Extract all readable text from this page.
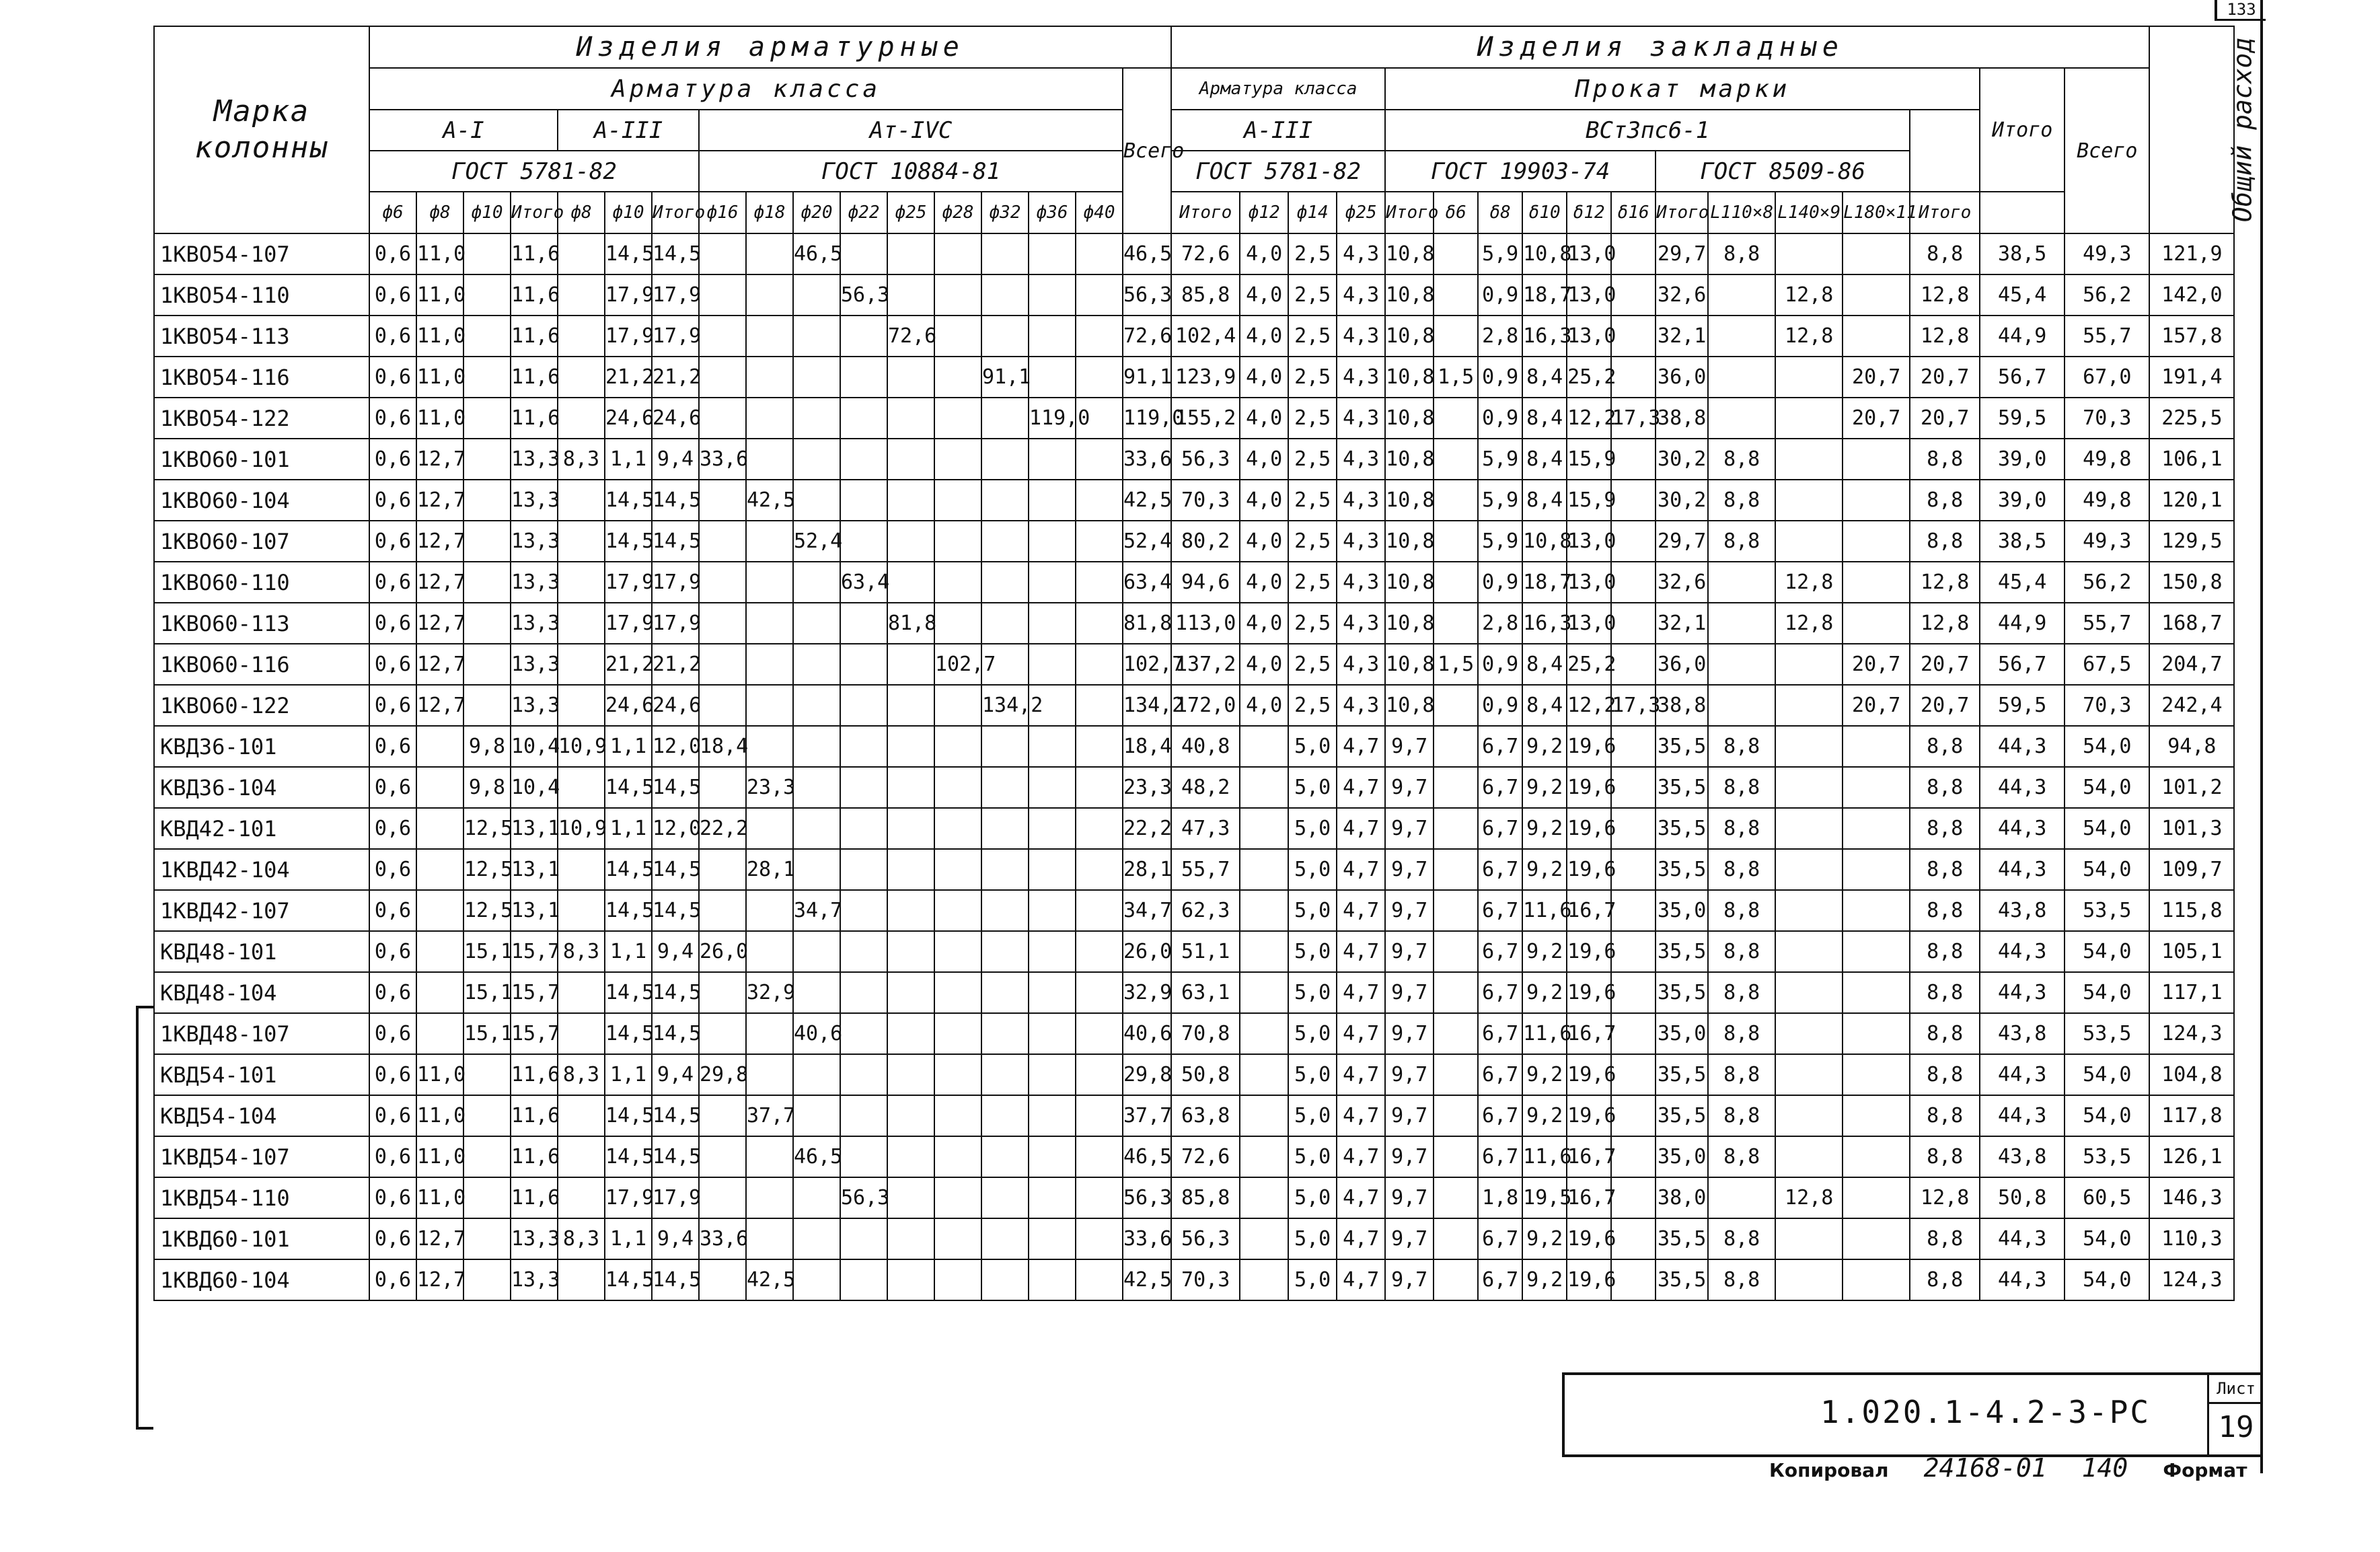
133
Марка колонны	Изделия арматурные																	Изделия закладные																	Общий расход
	Арматура класса																Всего	Арматура класса				Прокат марки											Итого	Всего	
	А-I				А-III			Ат-IVС										А-III				ВСт3пс6-1													
	ГОСТ 5781-82							ГОСТ 10884-81										ГОСТ 5781-82				ГОСТ 19903-74						ГОСТ 8509-86							
	ф6	ф8	ф10	Итого	ф8	ф10	Итого	ф16	ф18	ф20	ф22	ф25	ф28	ф32	ф36	ф40		Итого	ф12	ф14	ф25	Итого	δ6	δ8	δ10	δ12	δ16	Итого	L110×8	L140×9	L180×11	Итого			
1КВО54-107	0,6	11,0		11,6		14,5	14,5			46,5							46,5	72,6	4,0	2,5	4,3	10,8		5,9	10,8	13,0		29,7	8,8			8,8	38,5	49,3	121,9
1КВО54-110	0,6	11,0		11,6		17,9	17,9				56,3						56,3	85,8	4,0	2,5	4,3	10,8		0,9	18,7	13,0		32,6		12,8		12,8	45,4	56,2	142,0
1КВО54-113	0,6	11,0		11,6		17,9	17,9					72,6					72,6	102,4	4,0	2,5	4,3	10,8		2,8	16,3	13,0		32,1		12,8		12,8	44,9	55,7	157,8
1КВО54-116	0,6	11,0		11,6		21,2	21,2							91,1			91,1	123,9	4,0	2,5	4,3	10,8	1,5	0,9	8,4	25,2		36,0			20,7	20,7	56,7	67,0	191,4
1КВО54-122	0,6	11,0		11,6		24,6	24,6								119,0		119,0	155,2	4,0	2,5	4,3	10,8		0,9	8,4	12,2	17,3	38,8			20,7	20,7	59,5	70,3	225,5
1КВО60-101	0,6	12,7		13,3	8,3	1,1	9,4	33,6									33,6	56,3	4,0	2,5	4,3	10,8		5,9	8,4	15,9		30,2	8,8			8,8	39,0	49,8	106,1
1КВО60-104	0,6	12,7		13,3		14,5	14,5		42,5								42,5	70,3	4,0	2,5	4,3	10,8		5,9	8,4	15,9		30,2	8,8			8,8	39,0	49,8	120,1
1КВО60-107	0,6	12,7		13,3		14,5	14,5			52,4							52,4	80,2	4,0	2,5	4,3	10,8		5,9	10,8	13,0		29,7	8,8			8,8	38,5	49,3	129,5
1КВО60-110	0,6	12,7		13,3		17,9	17,9				63,4						63,4	94,6	4,0	2,5	4,3	10,8		0,9	18,7	13,0		32,6		12,8		12,8	45,4	56,2	150,8
1КВО60-113	0,6	12,7		13,3		17,9	17,9					81,8					81,8	113,0	4,0	2,5	4,3	10,8		2,8	16,3	13,0		32,1		12,8		12,8	44,9	55,7	168,7
1КВО60-116	0,6	12,7		13,3		21,2	21,2						102,7				102,7	137,2	4,0	2,5	4,3	10,8	1,5	0,9	8,4	25,2		36,0			20,7	20,7	56,7	67,5	204,7
1КВО60-122	0,6	12,7		13,3		24,6	24,6							134,2			134,2	172,0	4,0	2,5	4,3	10,8		0,9	8,4	12,2	17,3	38,8			20,7	20,7	59,5	70,3	242,4
КВД36-101	0,6		9,8	10,4	10,9	1,1	12,0	18,4									18,4	40,8		5,0	4,7	9,7		6,7	9,2	19,6		35,5	8,8			8,8	44,3	54,0	94,8
КВД36-104	0,6		9,8	10,4		14,5	14,5		23,3								23,3	48,2		5,0	4,7	9,7		6,7	9,2	19,6		35,5	8,8			8,8	44,3	54,0	101,2
КВД42-101	0,6		12,5	13,1	10,9	1,1	12,0	22,2									22,2	47,3		5,0	4,7	9,7		6,7	9,2	19,6		35,5	8,8			8,8	44,3	54,0	101,3
1КВД42-104	0,6		12,5	13,1		14,5	14,5		28,1								28,1	55,7		5,0	4,7	9,7		6,7	9,2	19,6		35,5	8,8			8,8	44,3	54,0	109,7
1КВД42-107	0,6		12,5	13,1		14,5	14,5			34,7							34,7	62,3		5,0	4,7	9,7		6,7	11,6	16,7		35,0	8,8			8,8	43,8	53,5	115,8
КВД48-101	0,6		15,1	15,7	8,3	1,1	9,4	26,0									26,0	51,1		5,0	4,7	9,7		6,7	9,2	19,6		35,5	8,8			8,8	44,3	54,0	105,1
КВД48-104	0,6		15,1	15,7		14,5	14,5		32,9								32,9	63,1		5,0	4,7	9,7		6,7	9,2	19,6		35,5	8,8			8,8	44,3	54,0	117,1
1КВД48-107	0,6		15,1	15,7		14,5	14,5			40,6							40,6	70,8		5,0	4,7	9,7		6,7	11,6	16,7		35,0	8,8			8,8	43,8	53,5	124,3
КВД54-101	0,6	11,0		11,6	8,3	1,1	9,4	29,8									29,8	50,8		5,0	4,7	9,7		6,7	9,2	19,6		35,5	8,8			8,8	44,3	54,0	104,8
КВД54-104	0,6	11,0		11,6		14,5	14,5		37,7								37,7	63,8		5,0	4,7	9,7		6,7	9,2	19,6		35,5	8,8			8,8	44,3	54,0	117,8
1КВД54-107	0,6	11,0		11,6		14,5	14,5			46,5							46,5	72,6		5,0	4,7	9,7		6,7	11,6	16,7		35,0	8,8			8,8	43,8	53,5	126,1
1КВД54-110	0,6	11,0		11,6		17,9	17,9				56,3						56,3	85,8		5,0	4,7	9,7		1,8	19,5	16,7		38,0		12,8		12,8	50,8	60,5	146,3
1КВД60-101	0,6	12,7		13,3	8,3	1,1	9,4	33,6									33,6	56,3		5,0	4,7	9,7		6,7	9,2	19,6		35,5	8,8			8,8	44,3	54,0	110,3
1КВД60-104	0,6	12,7		13,3		14,5	14,5		42,5								42,5	70,3		5,0	4,7	9,7		6,7	9,2	19,6		35,5	8,8			8,8	44,3	54,0	124,3
1.020.1-4.2-3-РС
Лист
19
Копировал 24168-01 140 Формат
